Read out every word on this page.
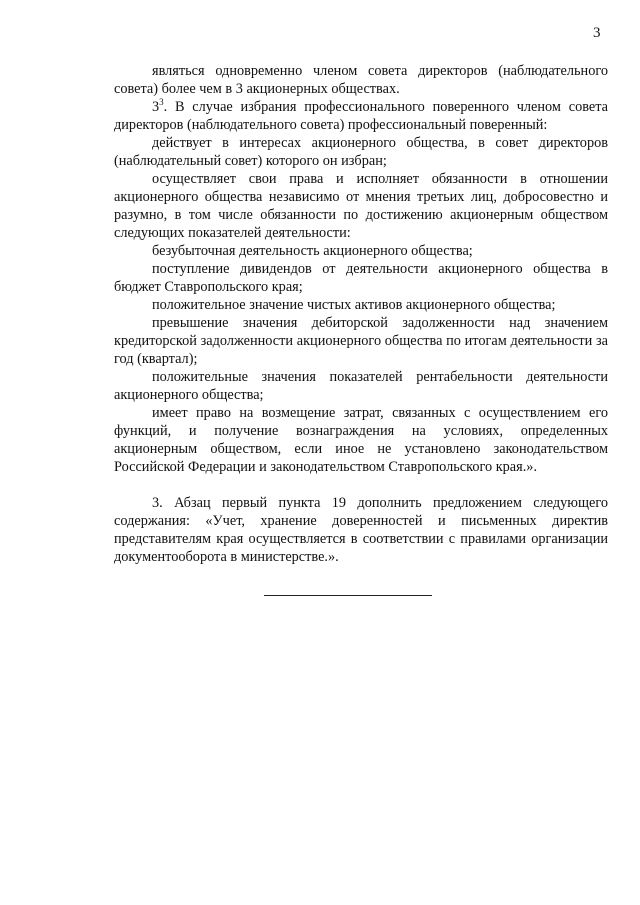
3

являться одновременно членом совета директоров (наблюдательного совета) более чем в 3 акционерных обществах.

$3^3$. В случае избрания профессионального поверенного членом совета директоров (наблюдательного совета) профессиональный поверенный:

действует в интересах акционерного общества, в совет директоров (наблюдательный совет) которого он избран;

осуществляет свои права и исполняет обязанности в отношении акционерного общества независимо от мнения третьих лиц, добросовестно и разумно, в том числе обязанности по достижению акционерным обществом следующих показателей деятельности:

безубыточная деятельность акционерного общества;

поступление дивидендов от деятельности акционерного общества в бюджет Ставропольского края;

положительное значение чистых активов акционерного общества;

превышение значения дебиторской задолженности над значением кредиторской задолженности акционерного общества по итогам деятельности за год (квартал);

положительные значения показателей рентабельности деятельности акционерного общества;

имеет право на возмещение затрат, связанных с осуществлением его функций, и получение вознаграждения на условиях, определенных акционерным обществом, если иное не установлено законодательством Российской Федерации и законодательством Ставропольского края.».

3. Абзац первый пункта 19 дополнить предложением следующего содержания: «Учет, хранение доверенностей и письменных директив представителям края осуществляется в соответствии с правилами организации документооборота в министерстве.».
